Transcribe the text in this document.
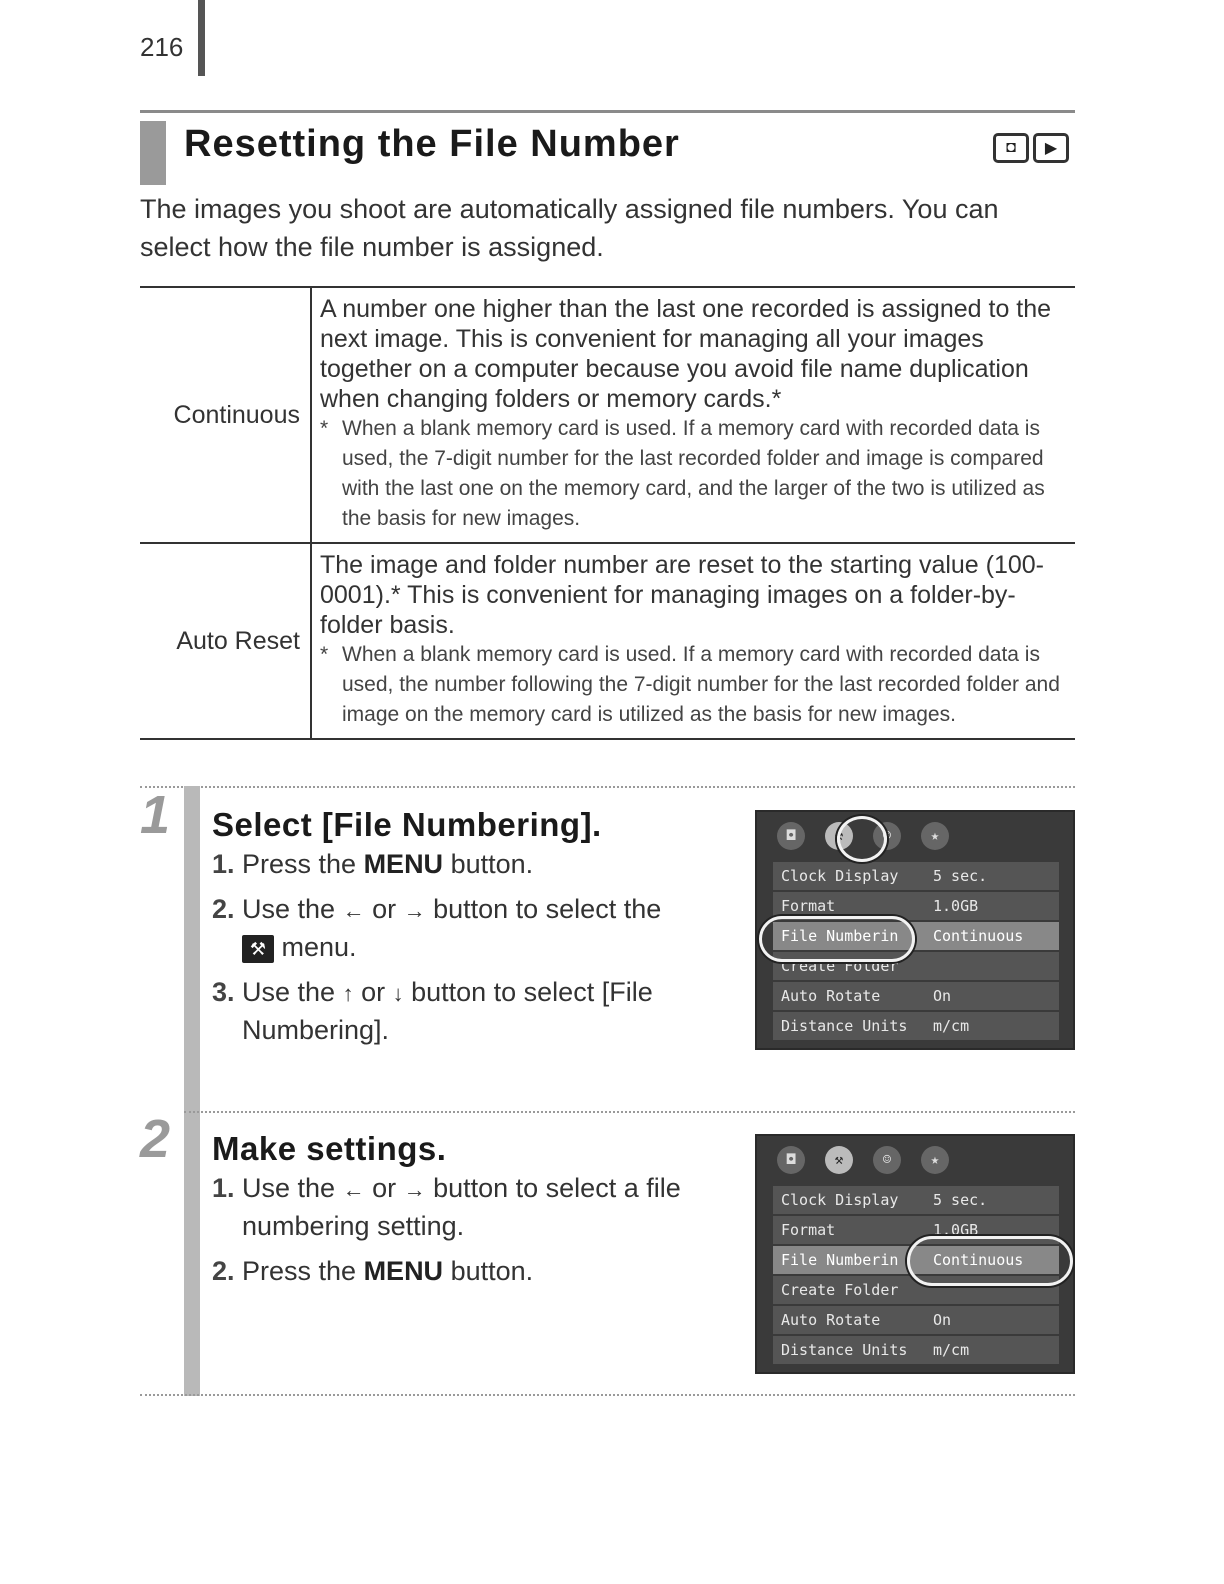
216
Resetting the File Number	◘	▶
The images you shoot are automatically assigned file numbers. You can select how the file number is assigned.
Continuous	A number one higher than the last one recorded is assigned to the next image. This is convenient for managing all your images together on a computer because you avoid file name duplication when changing folders or memory cards.*
* When a blank memory card is used. If a memory card with recorded data is used, the 7-digit number for the last recorded folder and image is compared with the last one on the memory card, and the larger of the two is utilized as the basis for new images.

Auto Reset	The image and folder number are reset to the starting value (100-0001).* This is convenient for managing images on a folder-by-folder basis.
* When a blank memory card is used. If a memory card with recorded data is used, the number following the 7-digit number for the last recorded folder and image on the memory card is utilized as the basis for new images.
1 Select [File Numbering].
1. Press the MENU button.
2. Use the ← or → button to select the
⚒ menu.
3. Use the ↑ or ↓ button to select [File Numbering].
◘	⚒	☺	★
Clock Display 5 sec.
Format	1.0GB
File Numberin Continuous
Create Folder
Auto Rotate	On
Distance Units m/cm
2 Make settings.
1. Use the ← or → button to select a file numbering setting.
2. Press the MENU button.
◘	⚒	☺	★
Clock Display 5 sec.
Format	1.0GB
File Numberin Continuous
Create Folder
Auto Rotate	On
Distance Units m/cm
